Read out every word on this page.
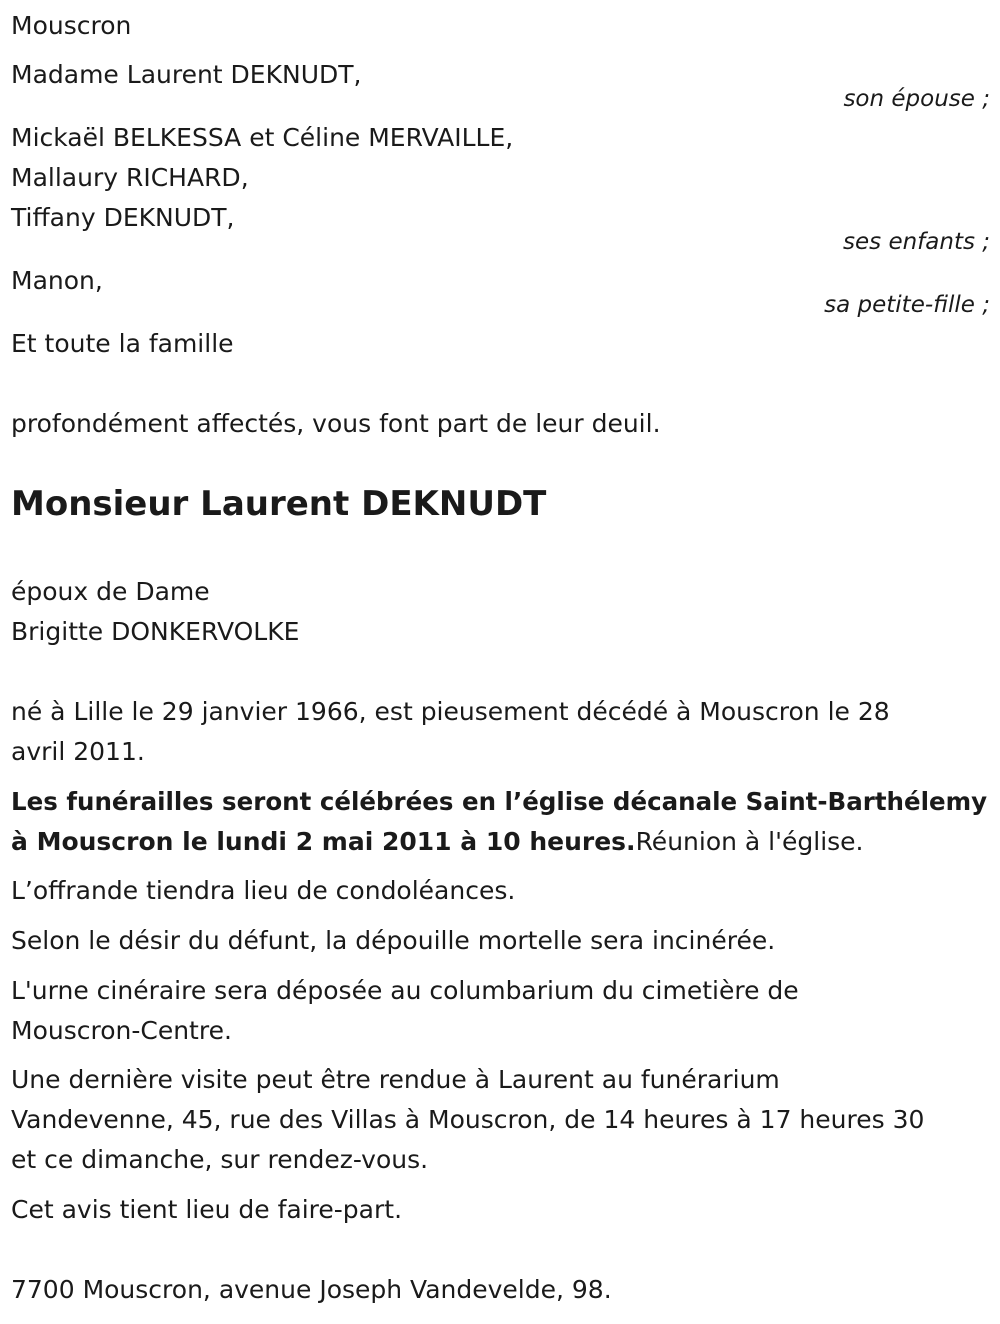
Mouscron
Madame Laurent DEKNUDT,
son épouse ;
Mickaël BELKESSA et Céline MERVAILLE,
Mallaury RICHARD,
Tiffany DEKNUDT,
ses enfants ;
Manon,
sa petite-fille ;
Et toute la famille
profondément affectés, vous font part de leur deuil.
Monsieur Laurent DEKNUDT
époux de Dame
Brigitte DONKERVOLKE
né à Lille le 29 janvier 1966, est pieusement décédé à Mouscron le 28
avril 2011.
Les funérailles seront célébrées en l’église décanale Saint-Barthélemy
à Mouscron le lundi 2 mai 2011 à 10 heures.Réunion à l'église.
L’offrande tiendra lieu de condoléances.
Selon le désir du défunt, la dépouille mortelle sera incinérée.
L'urne cinéraire sera déposée au columbarium du cimetière de
Mouscron-Centre.
Une dernière visite peut être rendue à Laurent au funérarium
Vandevenne, 45, rue des Villas à Mouscron, de 14 heures à 17 heures 30
et ce dimanche, sur rendez-vous.
Cet avis tient lieu de faire-part.
7700 Mouscron, avenue Joseph Vandevelde, 98.
